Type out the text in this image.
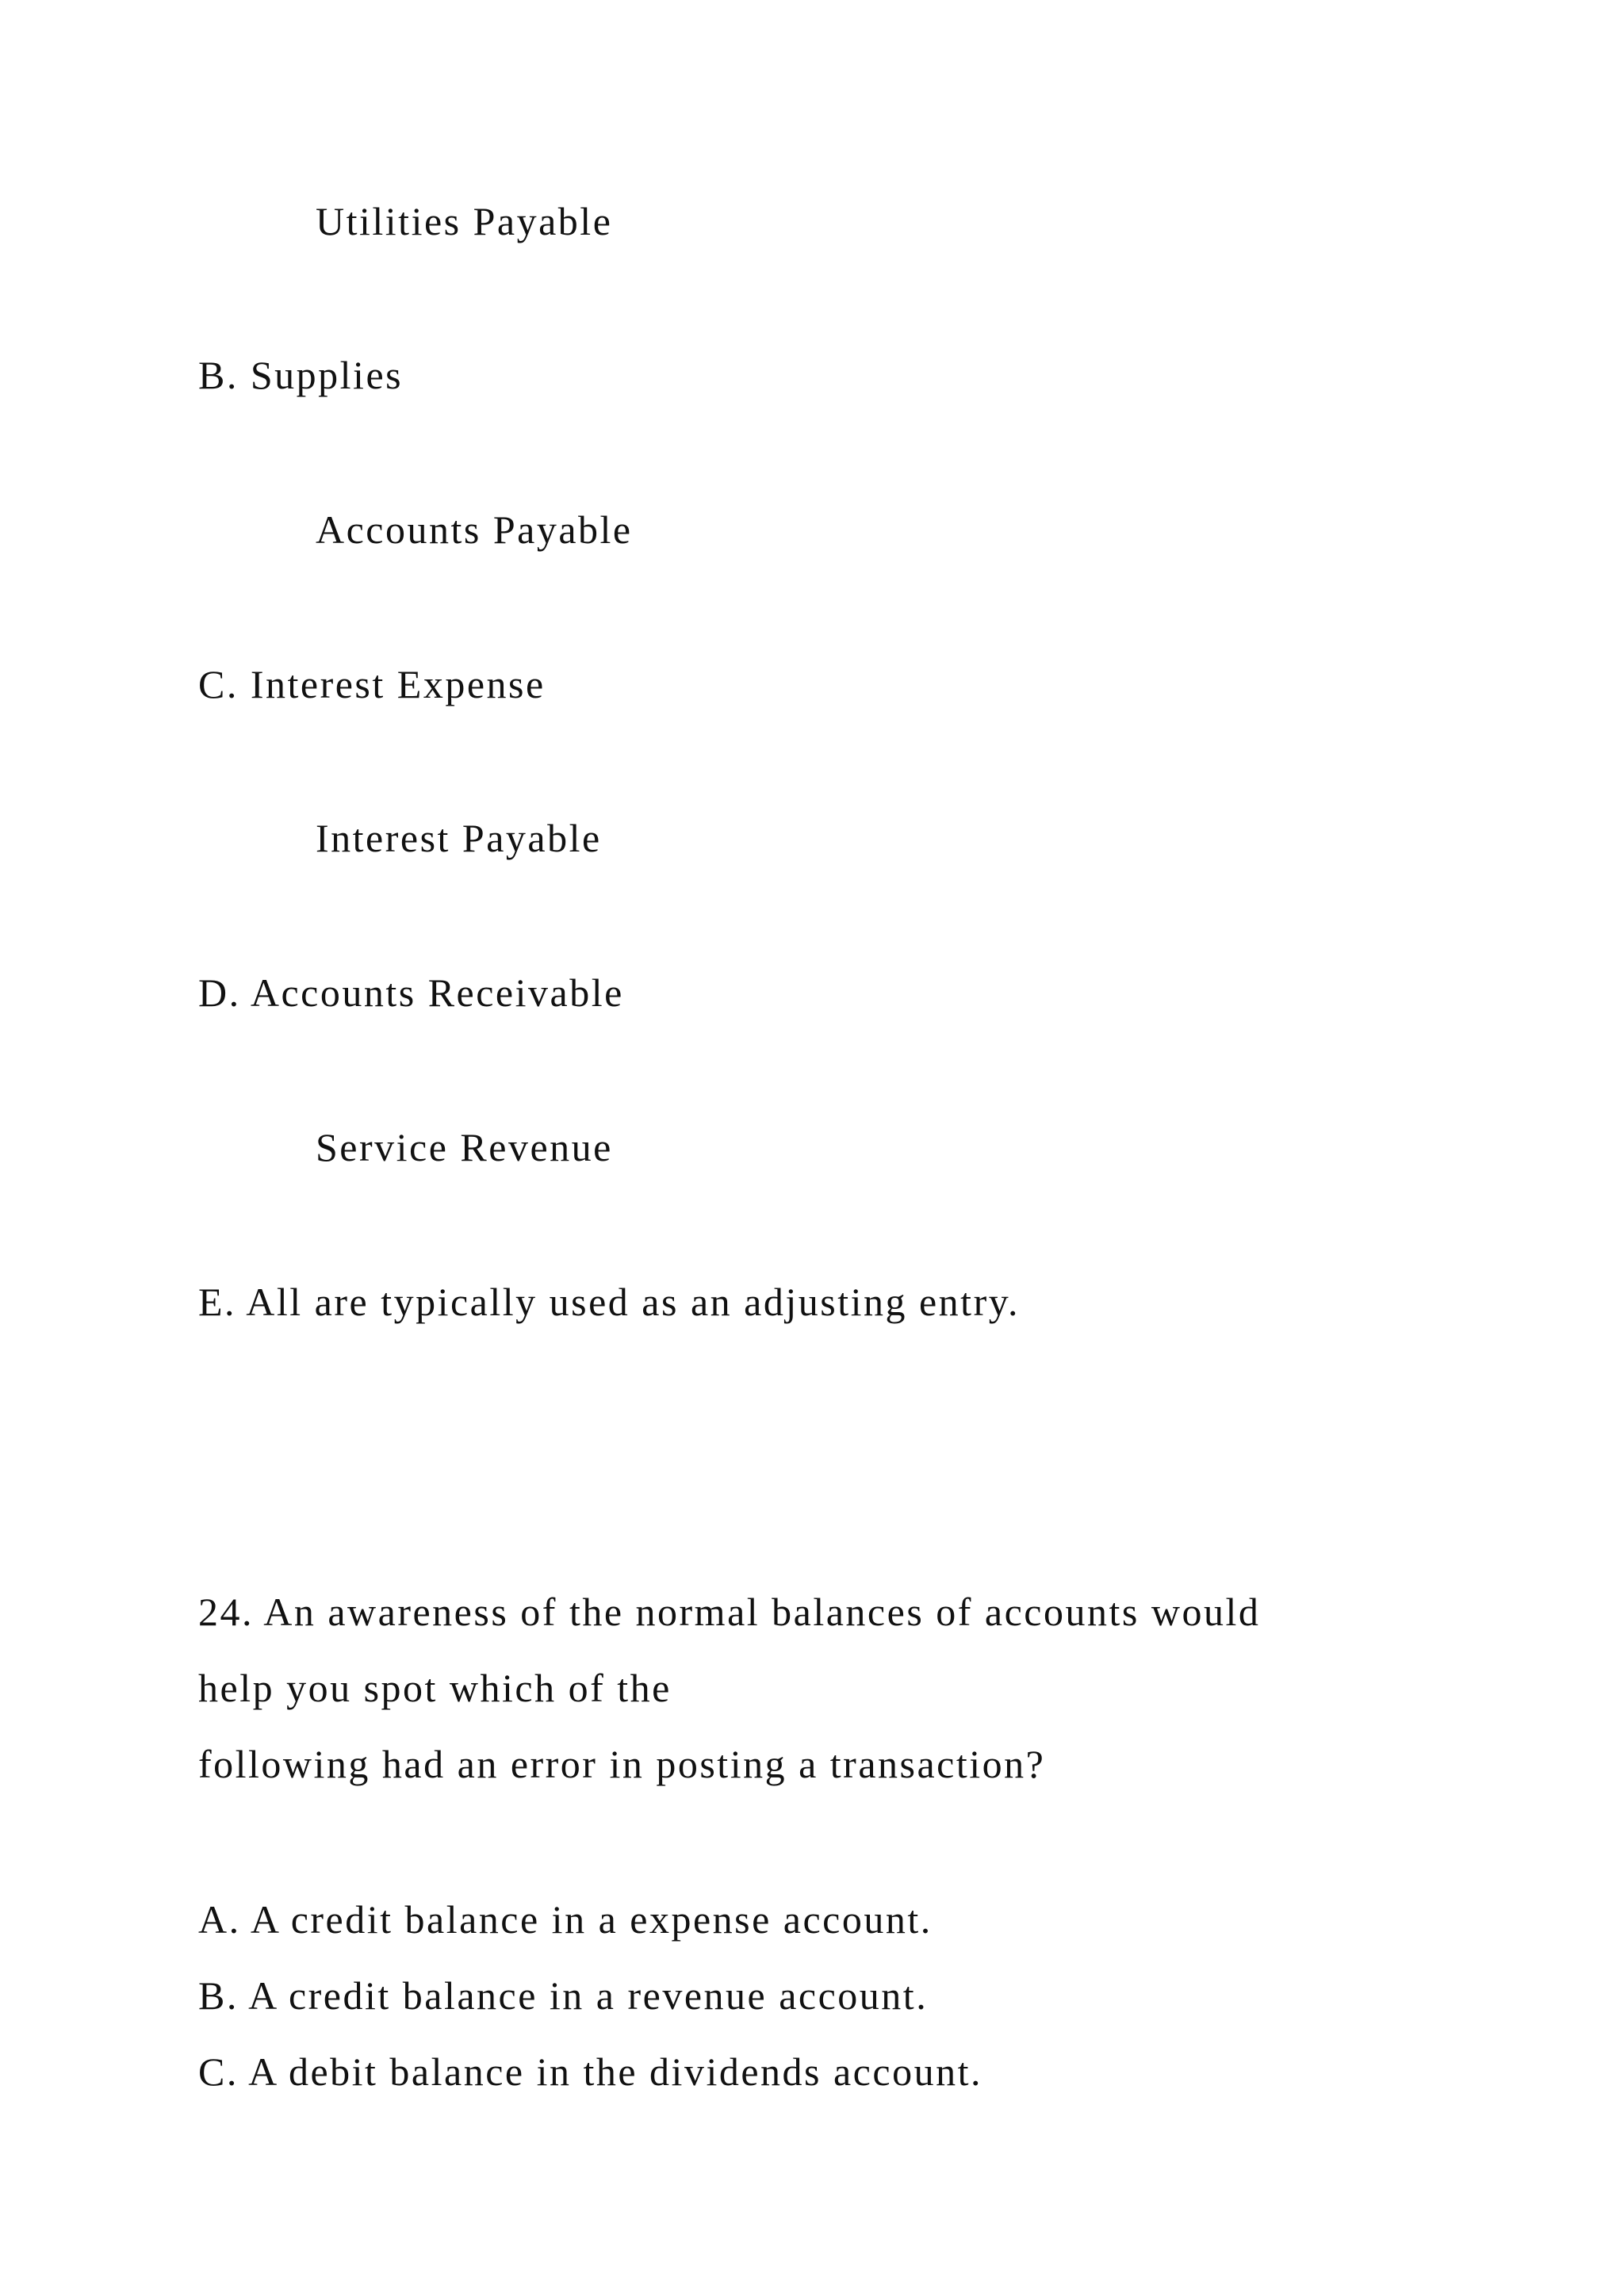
Utilities Payable
B. Supplies
Accounts Payable
C. Interest Expense
Interest Payable
D. Accounts Receivable
Service Revenue
E. All are typically used as an adjusting entry.
24. An awareness of the normal balances of accounts would
help you spot which of the
following had an error in posting a transaction?
A. A credit balance in a expense account.
B. A credit balance in a revenue account.
C. A debit balance in the dividends account.
